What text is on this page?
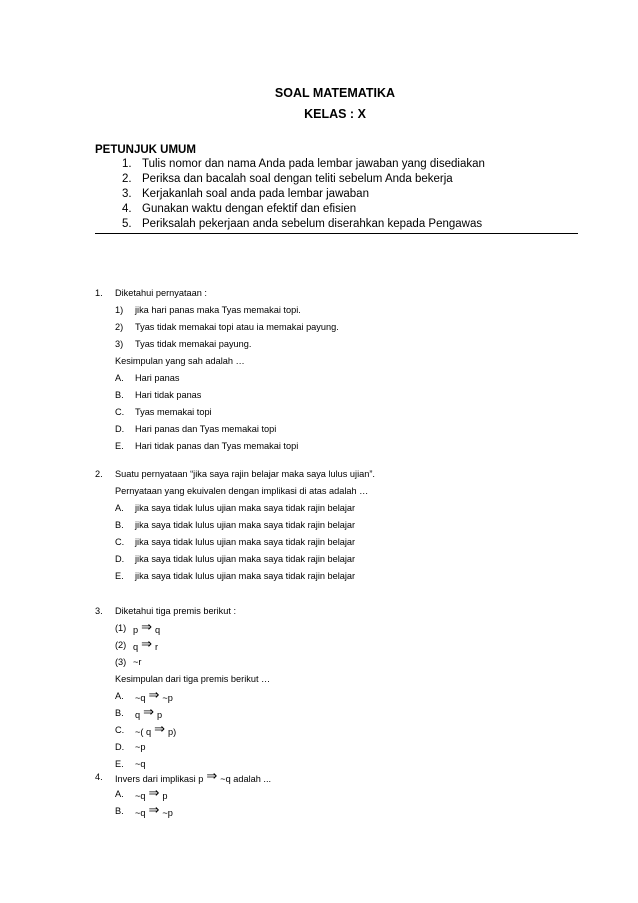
SOAL MATEMATIKA
KELAS : X
PETUNJUK UMUM
1. Tulis nomor dan nama Anda pada lembar jawaban yang disediakan
2. Periksa dan bacalah soal dengan teliti sebelum Anda bekerja
3. Kerjakanlah soal anda pada lembar jawaban
4. Gunakan waktu dengan efektif dan efisien
5. Periksalah pekerjaan anda sebelum diserahkan kepada Pengawas
1. Diketahui pernyataan :
1) jika hari panas maka Tyas memakai topi.
2) Tyas tidak memakai topi atau ia memakai payung.
3) Tyas tidak memakai payung.
Kesimpulan yang sah adalah …
A. Hari panas
B. Hari tidak panas
C. Tyas memakai topi
D. Hari panas dan Tyas memakai topi
E. Hari tidak panas dan Tyas memakai topi
2. Suatu pernyataan “jika saya rajin belajar maka saya lulus ujian”.
Pernyataan yang ekuivalen dengan implikasi di atas adalah …
A. jika saya tidak lulus ujian maka saya tidak rajin belajar
B. jika saya tidak lulus ujian maka saya tidak rajin belajar
C. jika saya tidak lulus ujian maka saya tidak rajin belajar
D. jika saya tidak lulus ujian maka saya tidak rajin belajar
E. jika saya tidak lulus ujian maka saya tidak rajin belajar
3. Diketahui tiga premis berikut :
(1) p ⇒ q
(2) q ⇒ r
(3) ~r
Kesimpulan dari tiga premis berikut …
A. ~q ⇒ ~p
B. q ⇒ p
C. ~( q ⇒ p)
D. ~p
E. ~q
4. Invers dari implikasi p ⇒ ~q adalah ...
A. ~q ⇒ p
B. ~q ⇒ ~p
